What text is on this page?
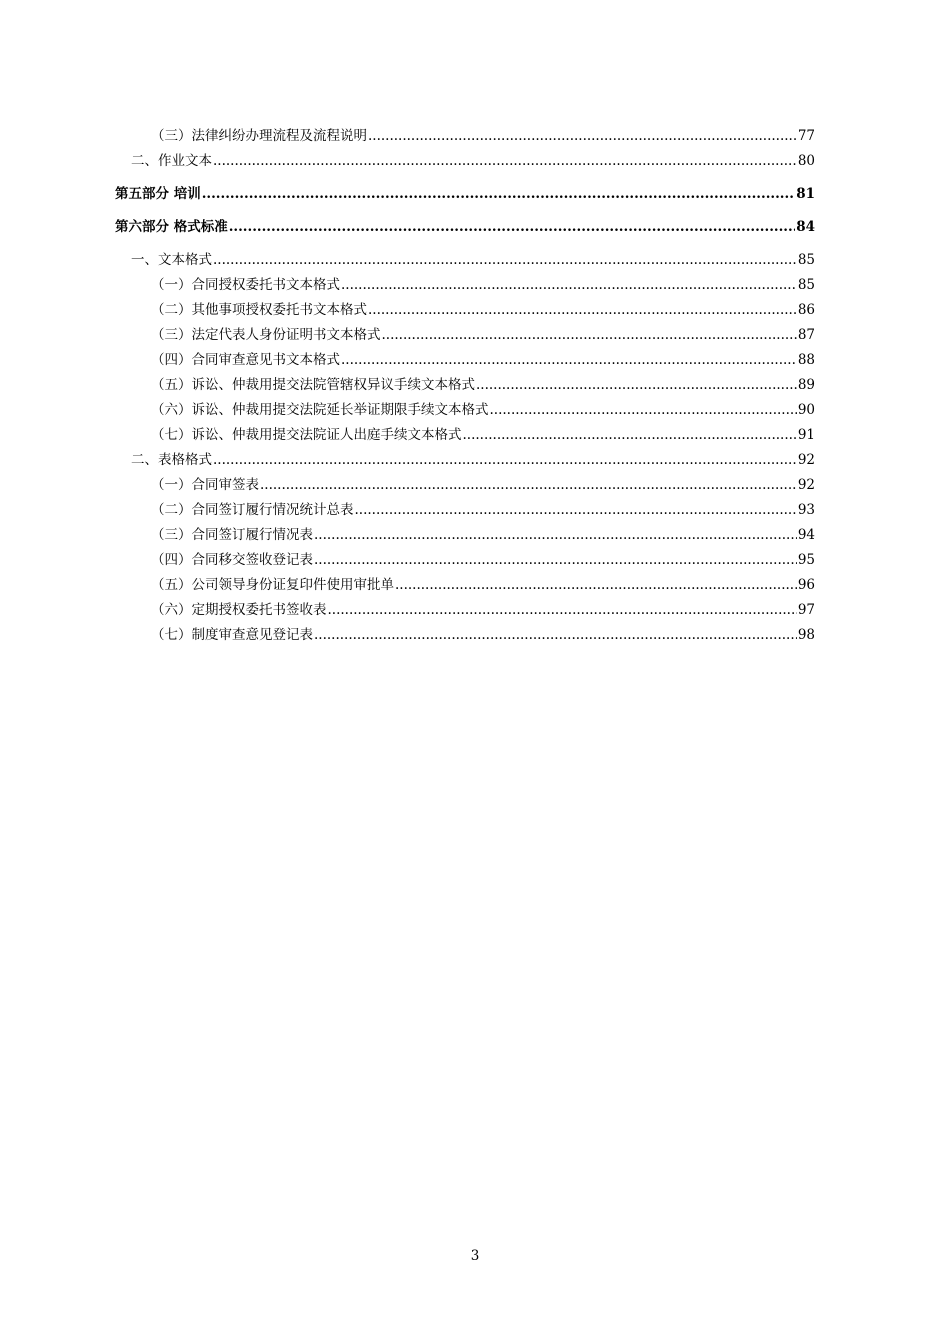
（三）法律纠纷办理流程及流程说明 .....	77
二、作业文本 .....	80
第五部分 培训 .....	81
第六部分 格式标准 .....	84
一、文本格式 .....	85
（一）合同授权委托书文本格式 .....	85
（二）其他事项授权委托书文本格式 .....	86
（三）法定代表人身份证明书文本格式 .....	87
（四）合同审查意见书文本格式 .....	88
（五）诉讼、仲裁用提交法院管辖权异议手续文本格式 .....	89
（六）诉讼、仲裁用提交法院延长举证期限手续文本格式 .....	90
（七）诉讼、仲裁用提交法院证人出庭手续文本格式 .....	91
二、表格格式 .....	92
（一）合同审签表 .....	92
（二）合同签订履行情况统计总表 .....	93
（三）合同签订履行情况表 .....	94
（四）合同移交签收登记表 .....	95
（五）公司领导身份证复印件使用审批单 .....	96
（六）定期授权委托书签收表 .....	97
（七）制度审查意见登记表 .....	98
3
